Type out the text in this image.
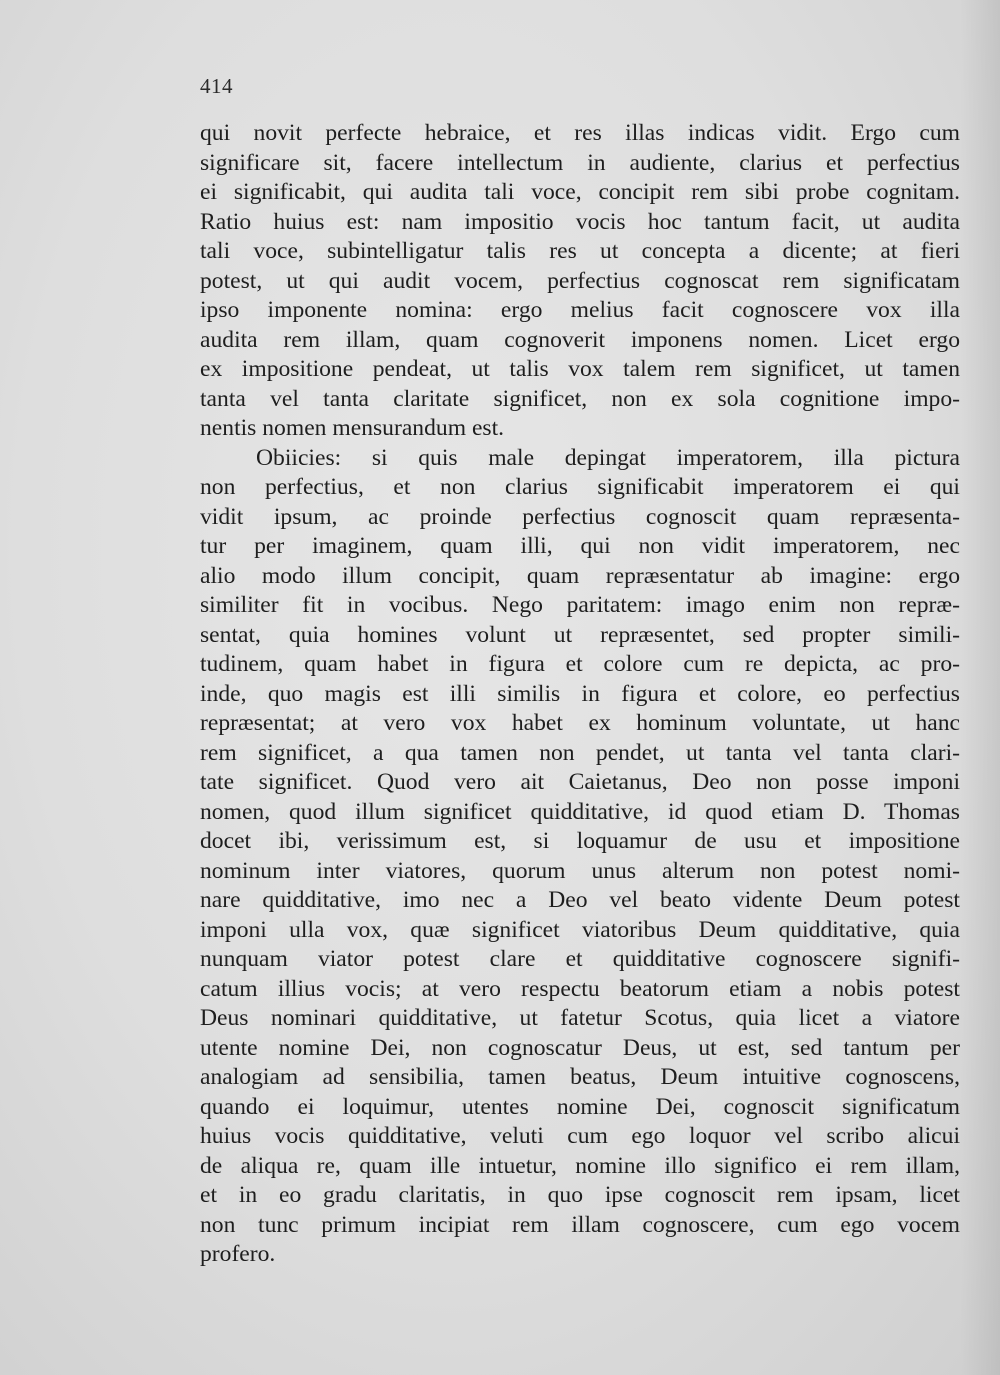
414
qui novit perfecte hebraice, et res illas indicas vidit. Ergo cum
significare sit, facere intellectum in audiente, clarius et perfectius
ei significabit, qui audita tali voce, concipit rem sibi probe cognitam.
Ratio huius est: nam impositio vocis hoc tantum facit, ut audita
tali voce, subintelligatur talis res ut concepta a dicente; at fieri
potest, ut qui audit vocem, perfectius cognoscat rem significatam
ipso imponente nomina: ergo melius facit cognoscere vox illa
audita rem illam, quam cognoverit imponens nomen. Licet ergo
ex impositione pendeat, ut talis vox talem rem significet, ut tamen
tanta vel tanta claritate significet, non ex sola cognitione impo-
nentis nomen mensurandum est.
Obiicies: si quis male depingat imperatorem, illa pictura
non perfectius, et non clarius significabit imperatorem ei qui
vidit ipsum, ac proinde perfectius cognoscit quam repræsenta-
tur per imaginem, quam illi, qui non vidit imperatorem, nec
alio modo illum concipit, quam repræsentatur ab imagine: ergo
similiter fit in vocibus. Nego paritatem: imago enim non repræ-
sentat, quia homines volunt ut repræsentet, sed propter simili-
tudinem, quam habet in figura et colore cum re depicta, ac pro-
inde, quo magis est illi similis in figura et colore, eo perfectius
repræsentat; at vero vox habet ex hominum voluntate, ut hanc
rem significet, a qua tamen non pendet, ut tanta vel tanta clari-
tate significet. Quod vero ait Caietanus, Deo non posse imponi
nomen, quod illum significet quidditative, id quod etiam D. Thomas
docet ibi, verissimum est, si loquamur de usu et impositione
nominum inter viatores, quorum unus alterum non potest nomi-
nare quidditative, imo nec a Deo vel beato vidente Deum potest
imponi ulla vox, quæ significet viatoribus Deum quidditative, quia
nunquam viator potest clare et quidditative cognoscere signifi-
catum illius vocis; at vero respectu beatorum etiam a nobis potest
Deus nominari quidditative, ut fatetur Scotus, quia licet a viatore
utente nomine Dei, non cognoscatur Deus, ut est, sed tantum per
analogiam ad sensibilia, tamen beatus, Deum intuitive cognoscens,
quando ei loquimur, utentes nomine Dei, cognoscit significatum
huius vocis quidditative, veluti cum ego loquor vel scribo alicui
de aliqua re, quam ille intuetur, nomine illo significo ei rem illam,
et in eo gradu claritatis, in quo ipse cognoscit rem ipsam, licet
non tunc primum incipiat rem illam cognoscere, cum ego vocem
profero.
